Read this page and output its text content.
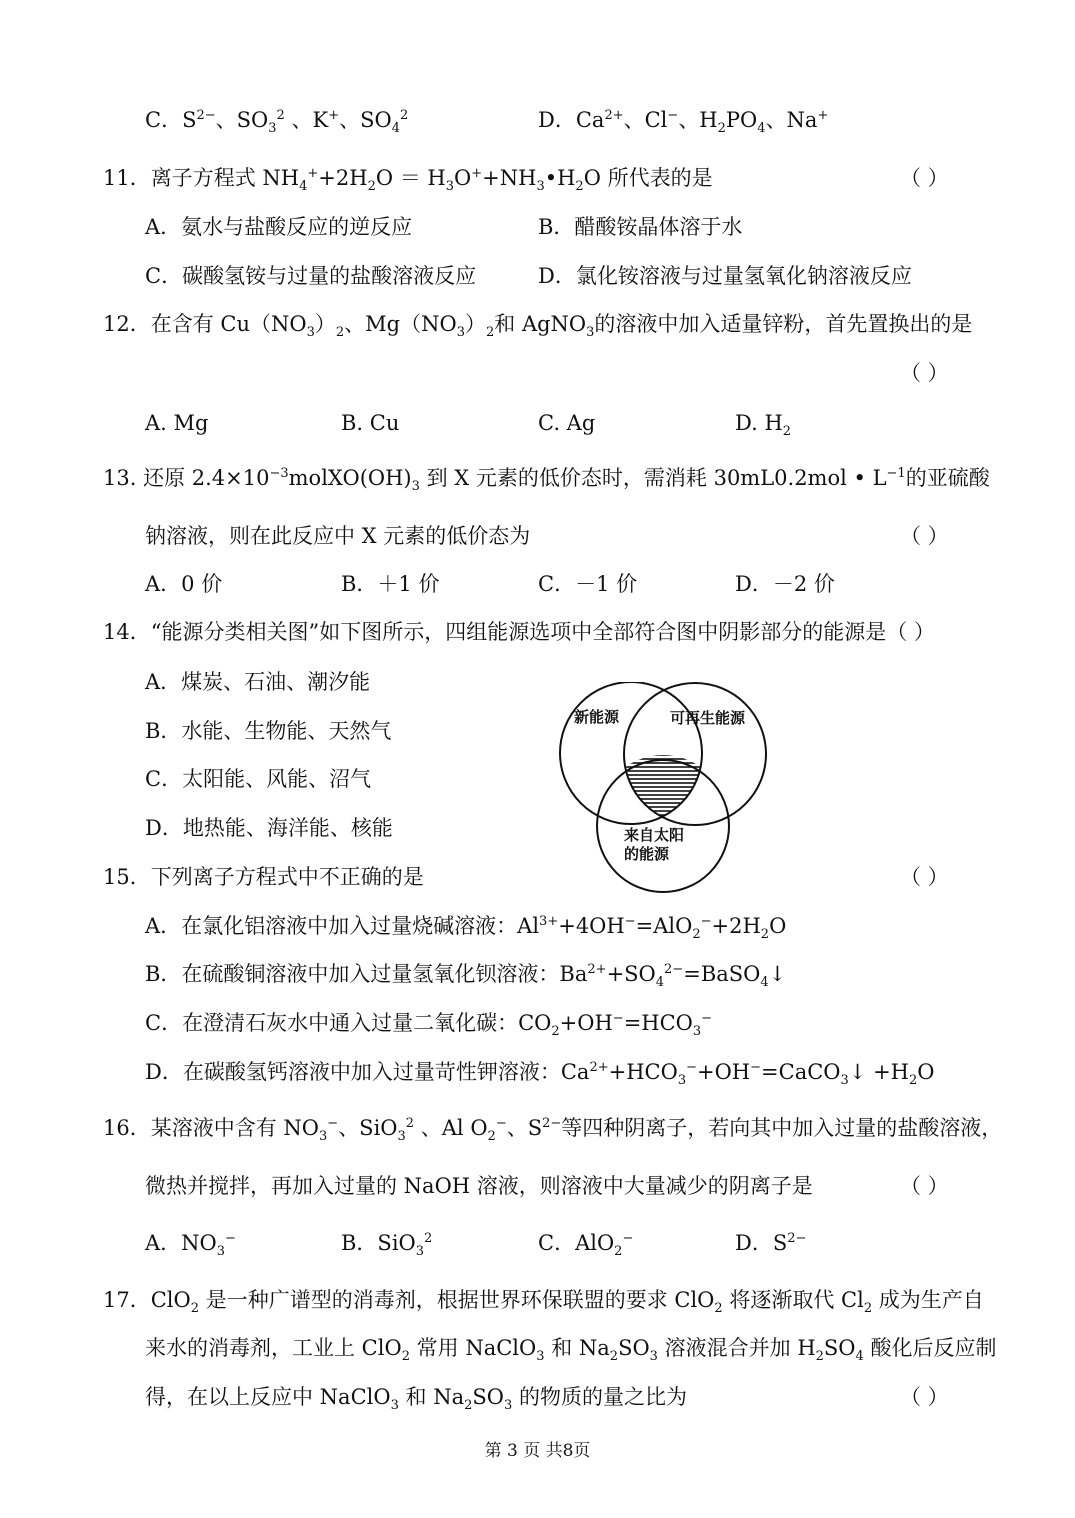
C．$S^{2-}$、$SO_3^2$ 、K+、$SO_4^2$	D．$Ca^{2+}$、Cl−、$H_2PO_4$、Na+
11．离子方程式 $NH_4^++2H_2O$ ＝ $H_3O^++NH_3•H_2O$ 所代表的是	（ ）
A．氨水与盐酸反应的逆反应	B．醋酸铵晶体溶于水
C．碳酸氢铵与过量的盐酸溶液反应	D．氯化铵溶液与过量氢氧化钠溶液反应
12．在含有 $Cu(NO_3)_2$、$Mg(NO_3)_2$和 AgNO$_3$的溶液中加入适量锌粉，首先置换出的是
（ ）
A. Mg	B. Cu	C. Ag	D. $H_2$
13. 还原 $2.4\times 10^{-3}molXO(OH)_3$ 到 X 元素的低价态时，需消耗 30mL0.2mol • $L^{-1}$的亚硫酸
钠溶液，则在此反应中 X 元素的低价态为	（ ）
A．0 价	B．＋1 价	C．－1 价	D．－2 价
14．“能源分类相关图”如下图所示，四组能源选项中全部符合图中阴影部分的能源是（ ）
A．煤炭、石油、潮汐能
B．水能、生物能、天然气
C．太阳能、风能、沼气
D．地热能、海洋能、核能
新能源	可再生能源
来自太阳
的能源
15．下列离子方程式中不正确的是	（ ）
A．在氯化铝溶液中加入过量烧碱溶液：$Al^{3+}+4OH^-=AlO_2^-+2H_2O$
B．在硫酸铜溶液中加入过量氢氧化钡溶液：$Ba^{2+}+SO_4^{2-}=BaSO_4↓$
C．在澄清石灰水中通入过量二氧化碳：$CO_2+OH^-=HCO_3^-$
D．在碳酸氢钙溶液中加入过量苛性钾溶液：$Ca^{2+}+HCO_3^-+OH^-=CaCO_3↓ +H_2O$
16．某溶液中含有 $NO_3^-$、SiO$_3^2$ 、Al $O_2^-$、$S^{2-}$等四种阴离子，若向其中加入过量的盐酸溶液，
微热并搅拌，再加入过量的 NaOH 溶液，则溶液中大量减少的阴离子是	（ ）
A．$NO_3^-$	B．SiO$_3^2$	C．AlO$_2$−	D．$S^{2-}$
17．ClO$_2$ 是一种广谱型的消毒剂，根据世界环保联盟的要求 ClO$_2$ 将逐渐取代 $Cl_2$ 成为生产自
来水的消毒剂，工业上 ClO$_2$ 常用 NaClO$_3$ 和 $Na_2SO_3$ 溶液混合并加 $H_2SO_4$ 酸化后反应制
得，在以上反应中 NaClO$_3$ 和 $Na_2SO_3$ 的物质的量之比为	（ ）
第 3 页 共8页
